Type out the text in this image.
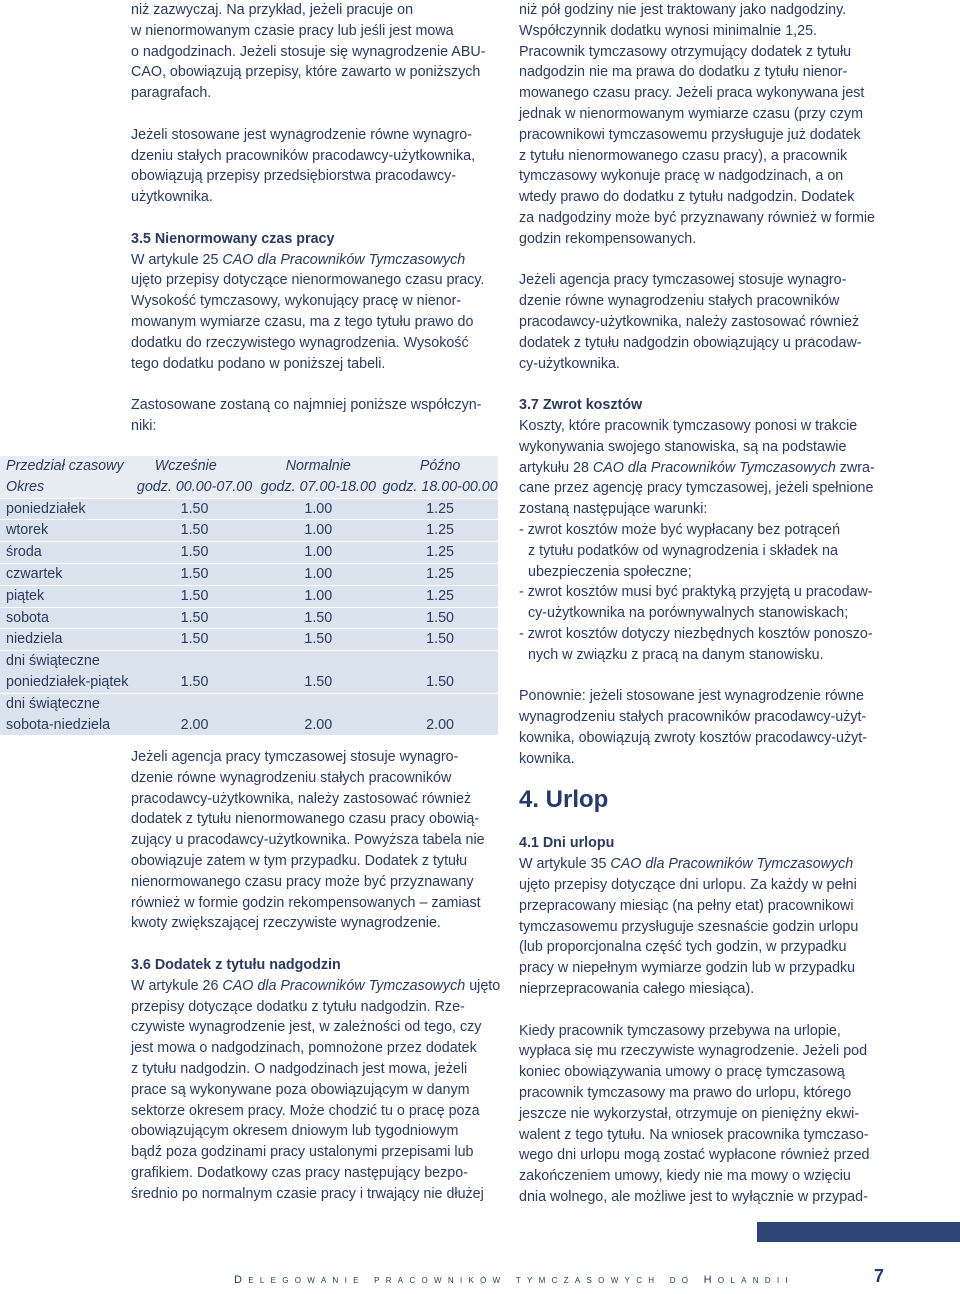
niż zazwyczaj. Na przykład, jeżeli pracuje on

w nienormowanym czasie pracy lub jeśli jest mowa

o nadgodzinach. Jeżeli stosuje się wynagrodzenie ABU-

CAO, obowiązują przepisy, które zawarto w poniższych

paragrafach.

Jeżeli stosowane jest wynagrodzenie równe wynagro-

dzeniu stałych pracowników pracodawcy-użytkownika,

obowiązują przepisy przedsiębiorstwa pracodawcy-

użytkownika.

3.5 Nienormowany czas pracy

W artykule 25 CAO dla Pracowników Tymczasowych

ujęto przepisy dotyczące nienormowanego czasu pracy.

Wysokość tymczasowy, wykonujący pracę w nienor-

mowanym wymiarze czasu, ma z tego tytułu prawo do

dodatku do rzeczywistego wynagrodzenia. Wysokość

tego dodatku podano w poniższej tabeli.

Zastosowane zostaną co najmniej poniższe współczyn-

niki:

Przedział czasowy	Wcześnie	Normalnie	Późno
Okres	godz. 00.00-07.00	godz. 07.00-18.00	godz. 18.00-00.00
poniedziałek	1.50	1.00	1.25
wtorek	1.50	1.00	1.25
środa	1.50	1.00	1.25
czwartek	1.50	1.00	1.25
piątek	1.50	1.00	1.25
sobota	1.50	1.50	1.50
niedziela	1.50	1.50	1.50
dni świąteczne			
poniedziałek-piątek	1.50	1.50	1.50
dni świąteczne			
sobota-niedziela	2.00	2.00	2.00

Jeżeli agencja pracy tymczasowej stosuje wynagro-

dzenie równe wynagrodzeniu stałych pracowników

pracodawcy-użytkownika, należy zastosować również

dodatek z tytułu nienormowanego czasu pracy obowią-

zujący u pracodawcy-użytkownika. Powyższa tabela nie

obowiązuje zatem w tym przypadku. Dodatek z tytułu

nienormowanego czasu pracy może być przyznawany

również w formie godzin rekompensowanych – zamiast

kwoty zwiększającej rzeczywiste wynagrodzenie.

3.6 Dodatek z tytułu nadgodzin

W artykule 26 CAO dla Pracowników Tymczasowych ujęto

przepisy dotyczące dodatku z tytułu nadgodzin. Rze-

czywiste wynagrodzenie jest, w zależności od tego, czy

jest mowa o nadgodzinach, pomnożone przez dodatek

z tytułu nadgodzin. O nadgodzinach jest mowa, jeżeli

prace są wykonywane poza obowiązującym w danym

sektorze okresem pracy. Może chodzić tu o pracę poza

obowiązującym okresem dniowym lub tygodniowym

bądź poza godzinami pracy ustalonymi przepisami lub

grafikiem. Dodatkowy czas pracy następujący bezpo-

średnio po normalnym czasie pracy i trwający nie dłużej

niż pół godziny nie jest traktowany jako nadgodziny.

Współczynnik dodatku wynosi minimalnie 1,25.

Pracownik tymczasowy otrzymujący dodatek z tytułu

nadgodzin nie ma prawa do dodatku z tytułu nienor-

mowanego czasu pracy. Jeżeli praca wykonywana jest

jednak w nienormowanym wymiarze czasu (przy czym

pracownikowi tymczasowemu przysługuje już dodatek

z tytułu nienormowanego czasu pracy), a pracownik

tymczasowy wykonuje pracę w nadgodzinach, a on

wtedy prawo do dodatku z tytułu nadgodzin. Dodatek

za nadgodziny może być przyznawany również w formie

godzin rekompensowanych.

Jeżeli agencja pracy tymczasowej stosuje wynagro-

dzenie równe wynagrodzeniu stałych pracowników

pracodawcy-użytkownika, należy zastosować również

dodatek z tytułu nadgodzin obowiązujący u pracodaw-

cy-użytkownika.

3.7 Zwrot kosztów

Koszty, które pracownik tymczasowy ponosi w trakcie

wykonywania swojego stanowiska, są na podstawie

artykułu 28 CAO dla Pracowników Tymczasowych zwra-

cane przez agencję pracy tymczasowej, jeżeli spełnione

zostaną następujące warunki:

- zwrot kosztów może być wypłacany bez potrąceń

z tytułu podatków od wynagrodzenia i składek na

ubezpieczenia społeczne;

- zwrot kosztów musi być praktyką przyjętą u pracodaw-

cy-użytkownika na porównywalnych stanowiskach;

- zwrot kosztów dotyczy niezbędnych kosztów ponoszo-

nych w związku z pracą na danym stanowisku.

Ponownie: jeżeli stosowane jest wynagrodzenie równe

wynagrodzeniu stałych pracowników pracodawcy-użyt-

kownika, obowiązują zwroty kosztów pracodawcy-użyt-

kownika.

4. Urlop

4.1 Dni urlopu

W artykule 35 CAO dla Pracowników Tymczasowych

ujęto przepisy dotyczące dni urlopu. Za każdy w pełni

przepracowany miesiąc (na pełny etat) pracownikowi

tymczasowemu przysługuje szesnaście godzin urlopu

(lub proporcjonalna część tych godzin, w przypadku

pracy w niepełnym wymiarze godzin lub w przypadku

nieprzepracowania całego miesiąca).

Kiedy pracownik tymczasowy przebywa na urlopie,

wypłaca się mu rzeczywiste wynagrodzenie. Jeżeli pod

koniec obowiązywania umowy o pracę tymczasową

pracownik tymczasowy ma prawo do urlopu, którego

jeszcze nie wykorzystał, otrzymuje on pieniężny ekwi-

walent z tego tytułu. Na wniosek pracownika tymczaso-

wego dni urlopu mogą zostać wypłacone również przed

zakończeniem umowy, kiedy nie ma mowy o wzięciu

dnia wolnego, ale możliwe jest to wyłącznie w przypad-

Delegowanie pracowników tymczasowych do Holandii	7
